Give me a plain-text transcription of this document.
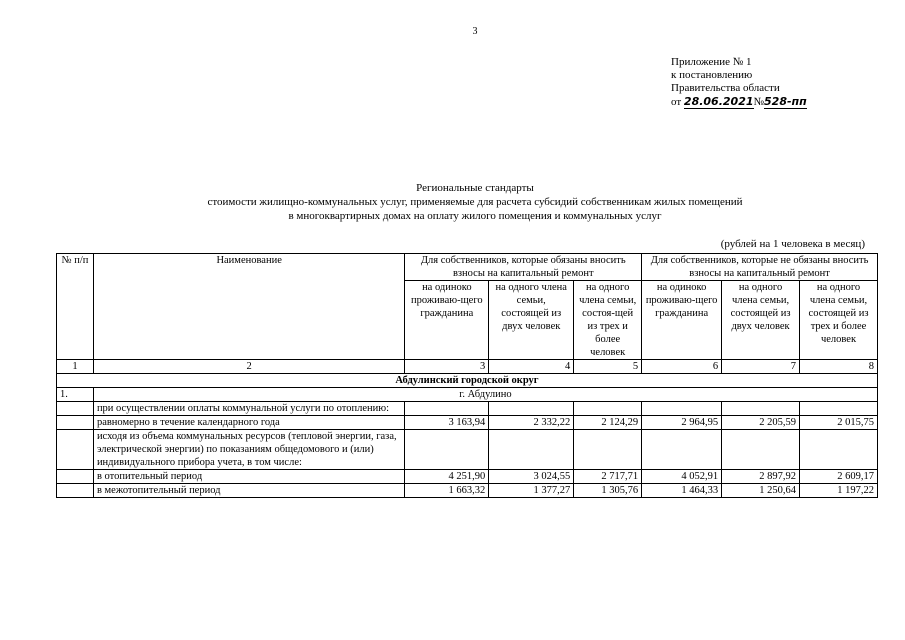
3
Приложение № 1
к постановлению
Правительства области
от 28.06.2021№528-пп
Региональные стандарты
стоимости жилищно-коммунальных услуг, применяемые для расчета субсидий собственникам жилых помещений
в многоквартирных домах на оплату жилого помещения и коммунальных услуг
(рублей на 1 человека в месяц)
№ п/п	Наименование	Для собственников, которые обязаны вносить взносы на капитальный ремонт			Для собственников, которые не обязаны вносить взносы на капитальный ремонт		
		на одиноко проживаю-щего гражданина	на одного члена семьи, состоящей из двух человек	на одного члена семьи, состоя-щей из трех и более человек	на одиноко проживаю-щего гражданина	на одного члена семьи, состоящей из двух человек	на одного члена семьи, состоящей из трех и более человек
1	2	3	4	5	6	7	8
Абдулинский городской округ							
1.	г. Абдулино						
	при осуществлении оплаты коммунальной услуги по отоплению:						
	равномерно в течение календарного года	3 163,94	2 332,22	2 124,29	2 964,95	2 205,59	2 015,75
	исходя из объема коммунальных ресурсов (тепловой энергии, газа, электрической энергии) по показаниям общедомового и (или) индивидуального прибора учета, в том числе:						
	в отопительный период	4 251,90	3 024,55	2 717,71	4 052,91	2 897,92	2 609,17
	в межотопительный период	1 663,32	1 377,27	1 305,76	1 464,33	1 250,64	1 197,22
